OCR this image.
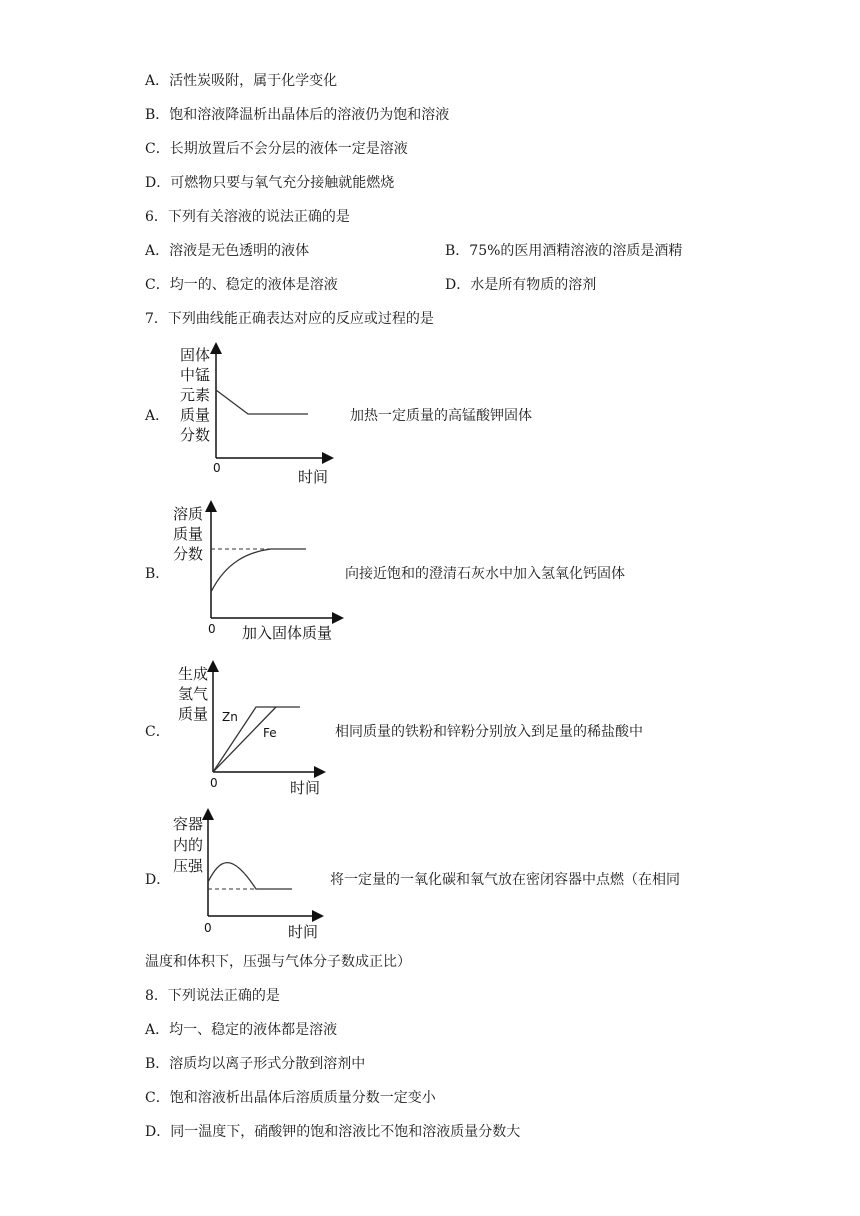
A．活性炭吸附，属于化学变化
B．饱和溶液降温析出晶体后的溶液仍为饱和溶液
C．长期放置后不会分层的液体一定是溶液
D．可燃物只要与氧气充分接触就能燃烧
6．下列有关溶液的说法正确的是
A．溶液是无色透明的液体	B．75%的医用酒精溶液的溶质是酒精
C．均一的、稳定的液体是溶液	D．水是所有物质的溶剂
7．下列曲线能正确表达对应的反应或过程的是
A．
固体
中锰
元素
质量
分数
0	时间
加热一定质量的高锰酸钾固体
B．
溶质
质量
分数
0 加入固体质量
向接近饱和的澄清石灰水中加入氢氧化钙固体
C．
生成
氢气
质量 Zn
Fe
0	时间
相同质量的铁粉和锌粉分别放入到足量的稀盐酸中
D．
容器
内的
压强
0	时间
将一定量的一氧化碳和氧气放在密闭容器中点燃（在相同
温度和体积下，压强与气体分子数成正比）
8．下列说法正确的是
A．均一、稳定的液体都是溶液
B．溶质均以离子形式分散到溶剂中
C．饱和溶液析出晶体后溶质质量分数一定变小
D．同一温度下，硝酸钾的饱和溶液比不饱和溶液质量分数大
